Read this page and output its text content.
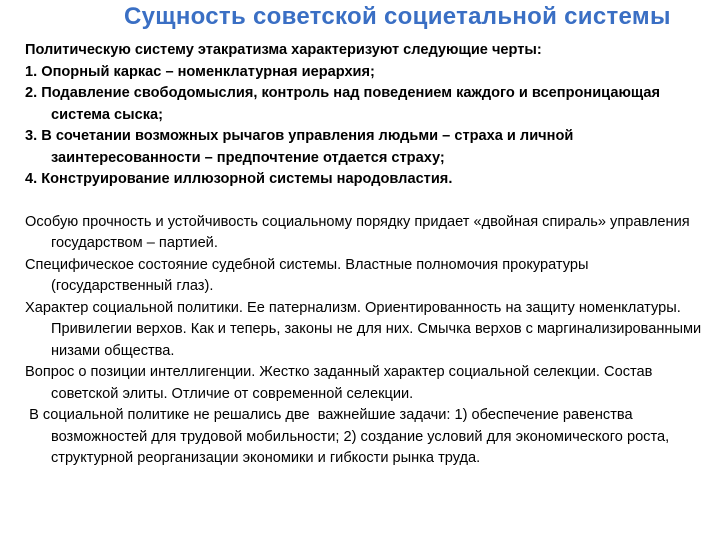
Сущность советской социетальной системы

Политическую систему этакратизма характеризуют следующие черты:

1. Опорный каркас – номенклатурная иерархия;

2. Подавление свободомыслия, контроль над поведением каждого и всепроницающая система сыска;

3. В сочетании возможных рычагов управления людьми – страха и личной заинтересованности – предпочтение отдается страху;

4. Конструирование иллюзорной системы народовластия.

Особую прочность и устойчивость социальному порядку придает «двойная спираль» управления государством – партией.

Специфическое состояние судебной системы. Властные полномочия прокуратуры (государственный глаз).

Характер социальной политики. Ее патернализм. Ориентированность на защиту номенклатуры. Привилегии верхов. Как и теперь, законы не для них. Смычка верхов с маргинализированными низами общества.

Вопрос о позиции интеллигенции. Жестко заданный характер социальной селекции. Состав советской элиты. Отличие от современной селекции.

В социальной политике не решались две  важнейшие задачи: 1) обеспечение равенства возможностей для трудовой мобильности; 2) создание условий для экономического роста, структурной реорганизации экономики и гибкости рынка труда.
